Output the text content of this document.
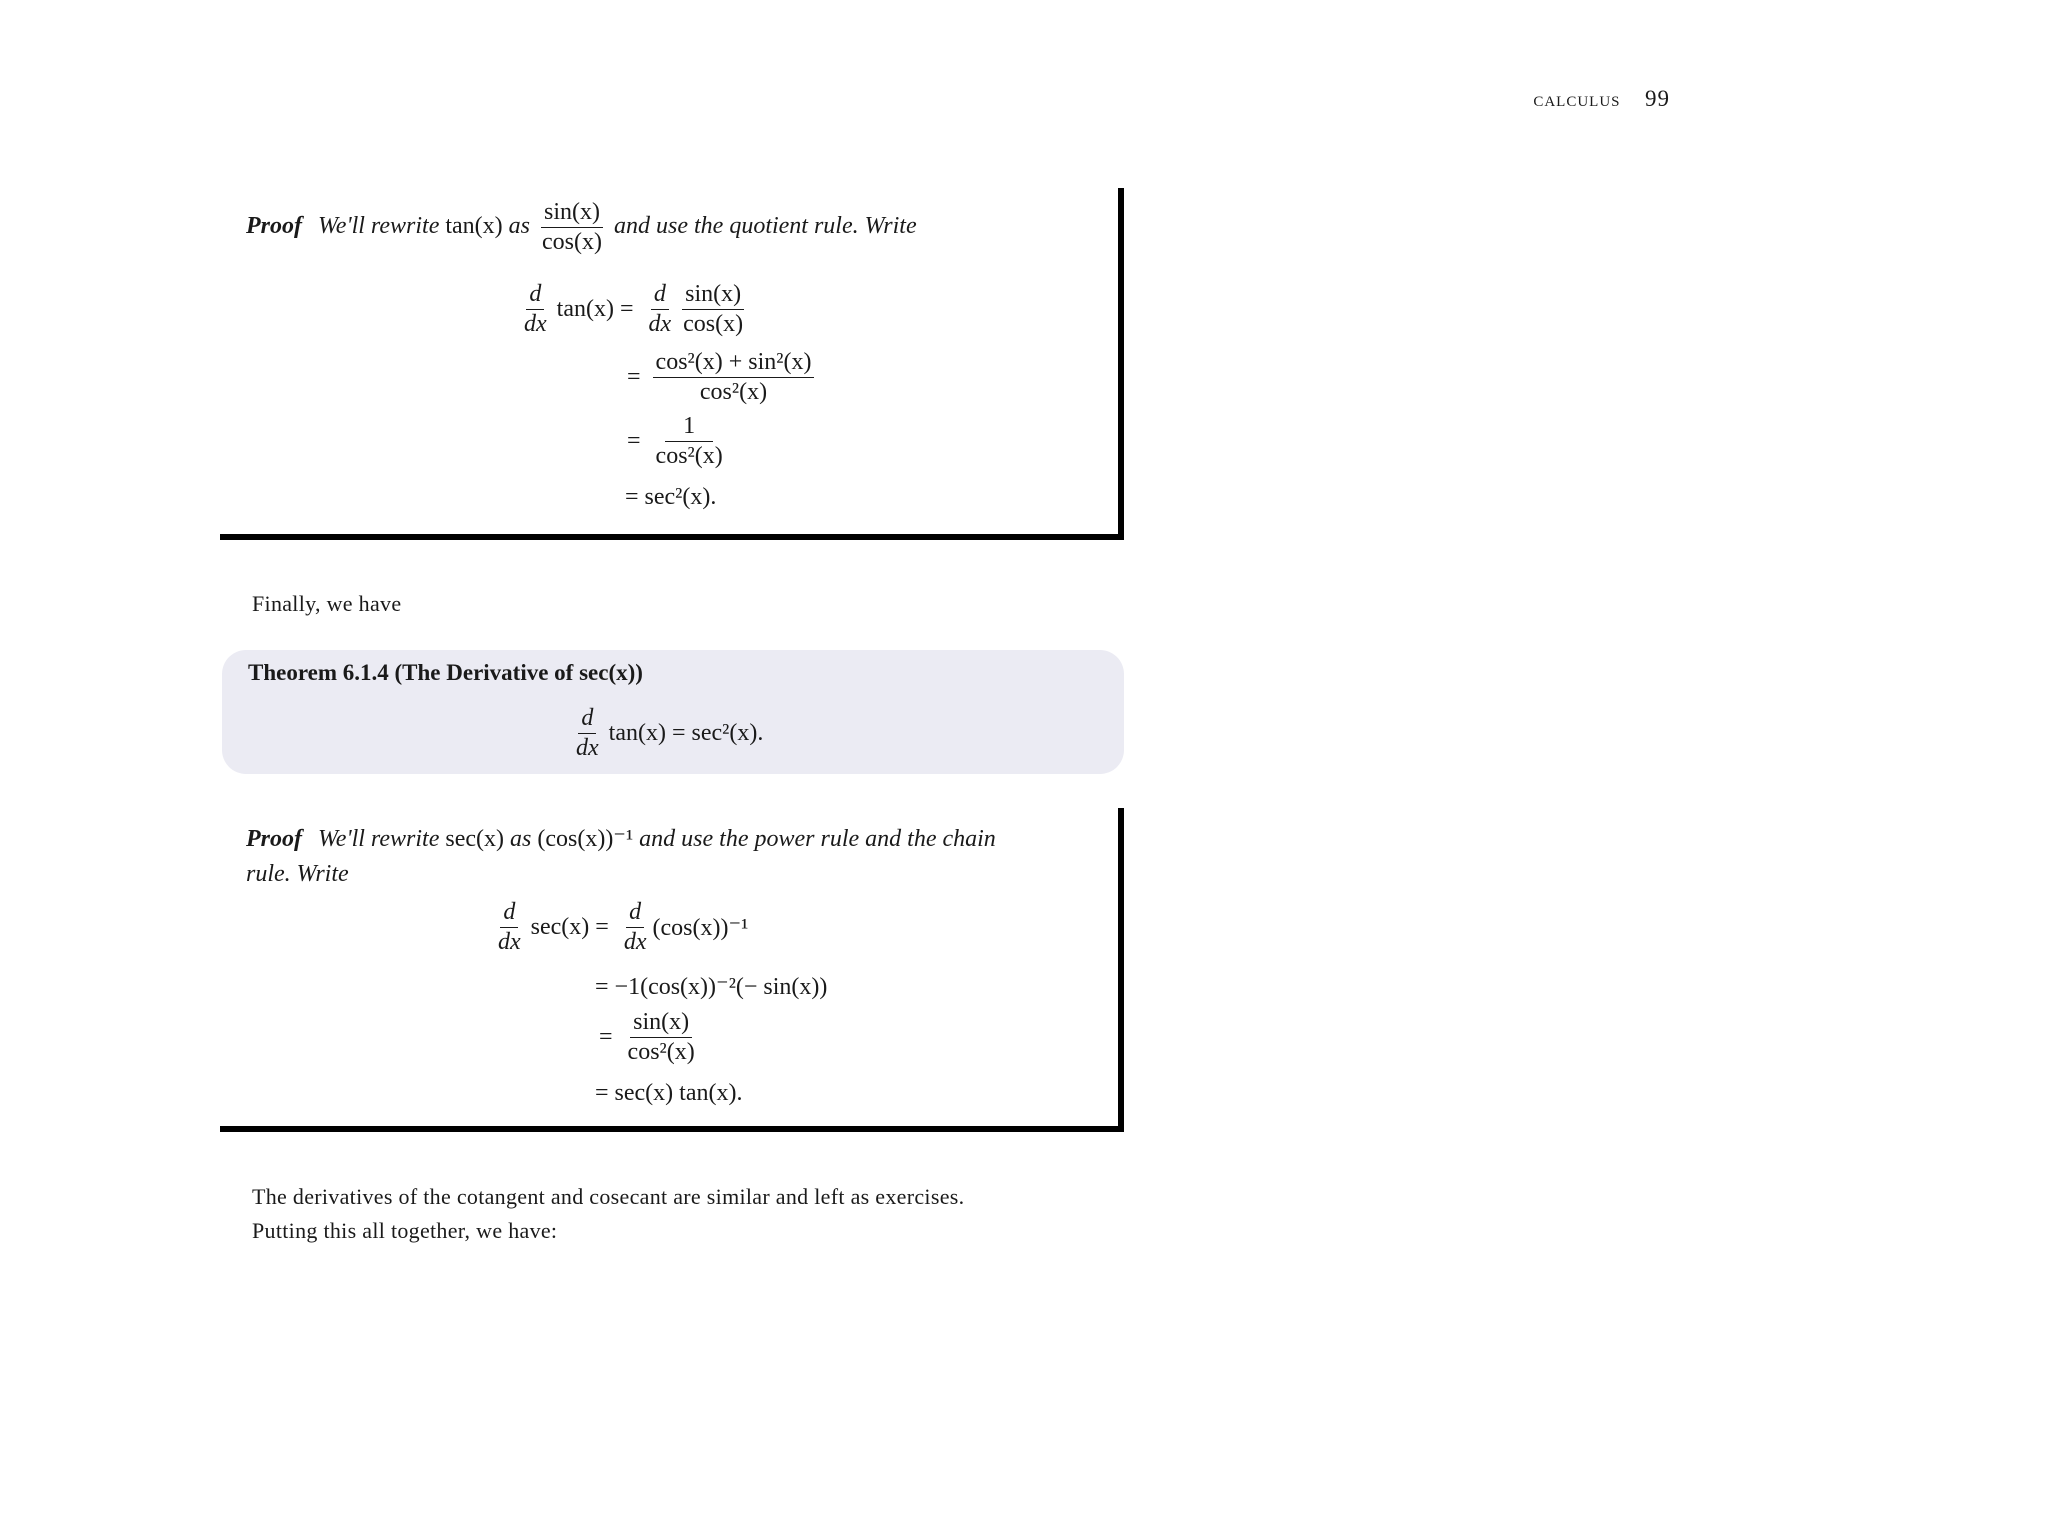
calculus 99
Proof We'll rewrite tan(x) as $\frac{\sin(x)}{\cos(x)}$ and use the quotient rule. Write
$\frac{d}{dx} \tan(x) = \frac{d}{dx} \frac{\sin(x)}{\cos(x)}$
= $\frac{\text{cos²(x) + sin²(x)}}{\text{cos²(x)}}$
= $\frac{1}{\text{cos²(x)}}$
= sec²(x).
Finally, we have
Theorem 6.1.4 (The Derivative of sec(x))
$\frac{d}{dx} \tan(x) = \sec^2(x)$.
Proof We'll rewrite sec(x) as (cos(x))⁻¹ and use the power rule and the chain
rule. Write
$\frac{d}{dx} \sec(x) = \frac{d}{dx} (\cos(x))^{-1}$
= −1(cos(x))⁻²(− sin(x))
= $\frac{\sin(x)}{\text{cos²(x)}}$
= sec(x) tan(x).
The derivatives of the cotangent and cosecant are similar and left as exercises.
Putting this all together, we have:
